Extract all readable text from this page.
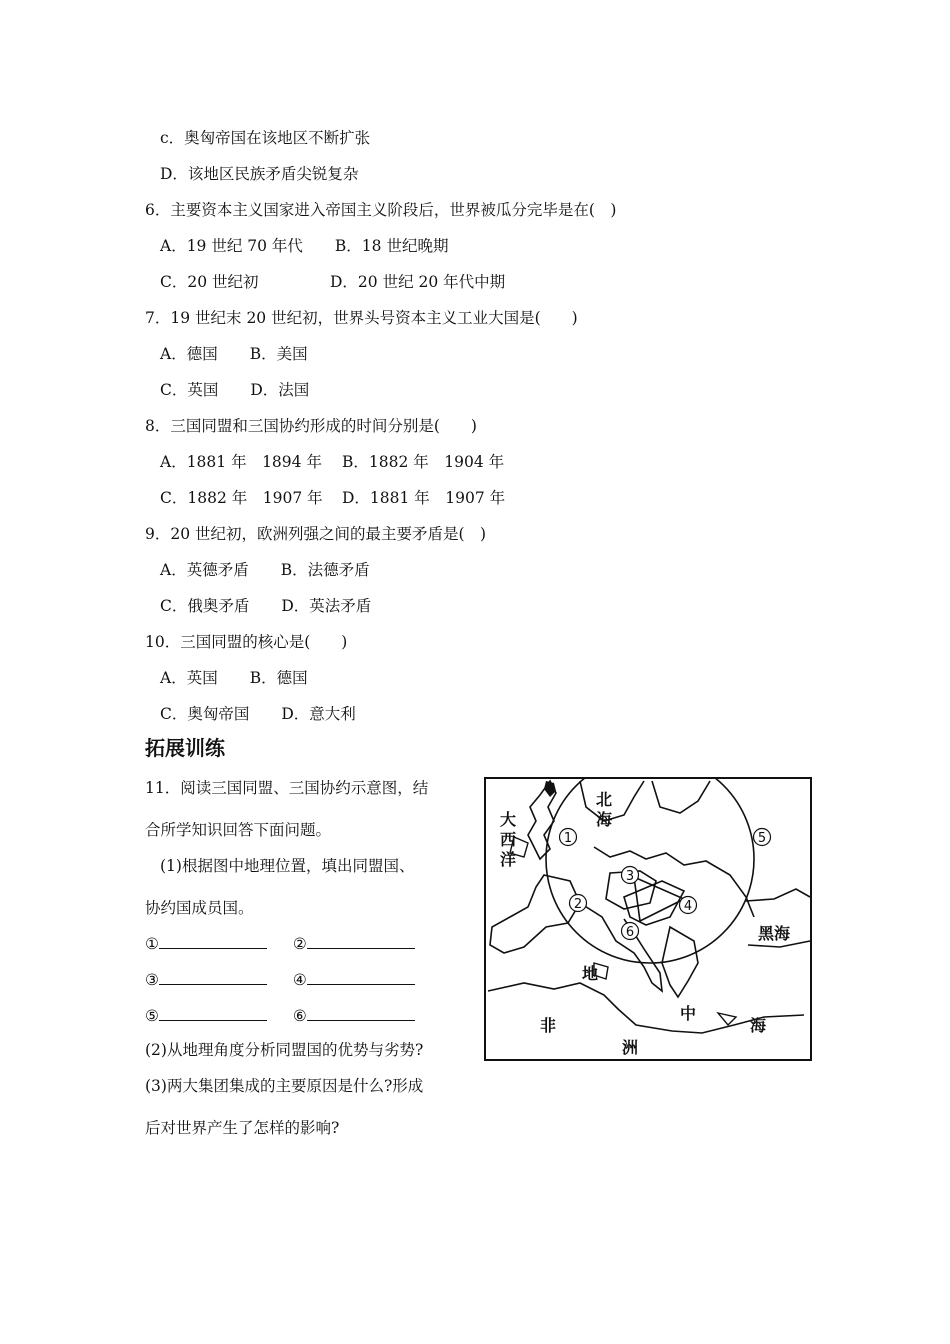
c．奥匈帝国在该地区不断扩张
D．该地区民族矛盾尖锐复杂
6．主要资本主义国家进入帝国主义阶段后，世界被瓜分完毕是在(　)
A．19 世纪 70 年代 B．18 世纪晚期
C．20 世纪初	D．20 世纪 20 年代中期
7．19 世纪末 20 世纪初，世界头号资本主义工业大国是(　　)
A．德国 B．美国
C．英国 D．法国
8．三国同盟和三国协约形成的时间分别是(　　)
A．1881 年　1894 年 B．1882 年　1904 年
C．1882 年　1907 年 D．1881 年　1907 年
9．20 世纪初，欧洲列强之间的最主要矛盾是(　)
A．英德矛盾 B．法德矛盾
C．俄奥矛盾 D．英法矛盾
10．三国同盟的核心是(　　)
A．英国 B．德国
C．奥匈帝国 D．意大利
拓展训练
11．阅读三国同盟、三国协约示意图，结
合所学知识回答下面问题。
(1)根据图中地理位置，填出同盟国、
协约国成员国。
①	②
③	④
⑤	⑥
(2)从地理角度分析同盟国的优势与劣势?
(3)两大集团集成的主要原因是什么?形成
后对世界产生了怎样的影响?
大
西
洋
北
海
黑海
地
中
海
非
洲
1
2
3
4
5
6
